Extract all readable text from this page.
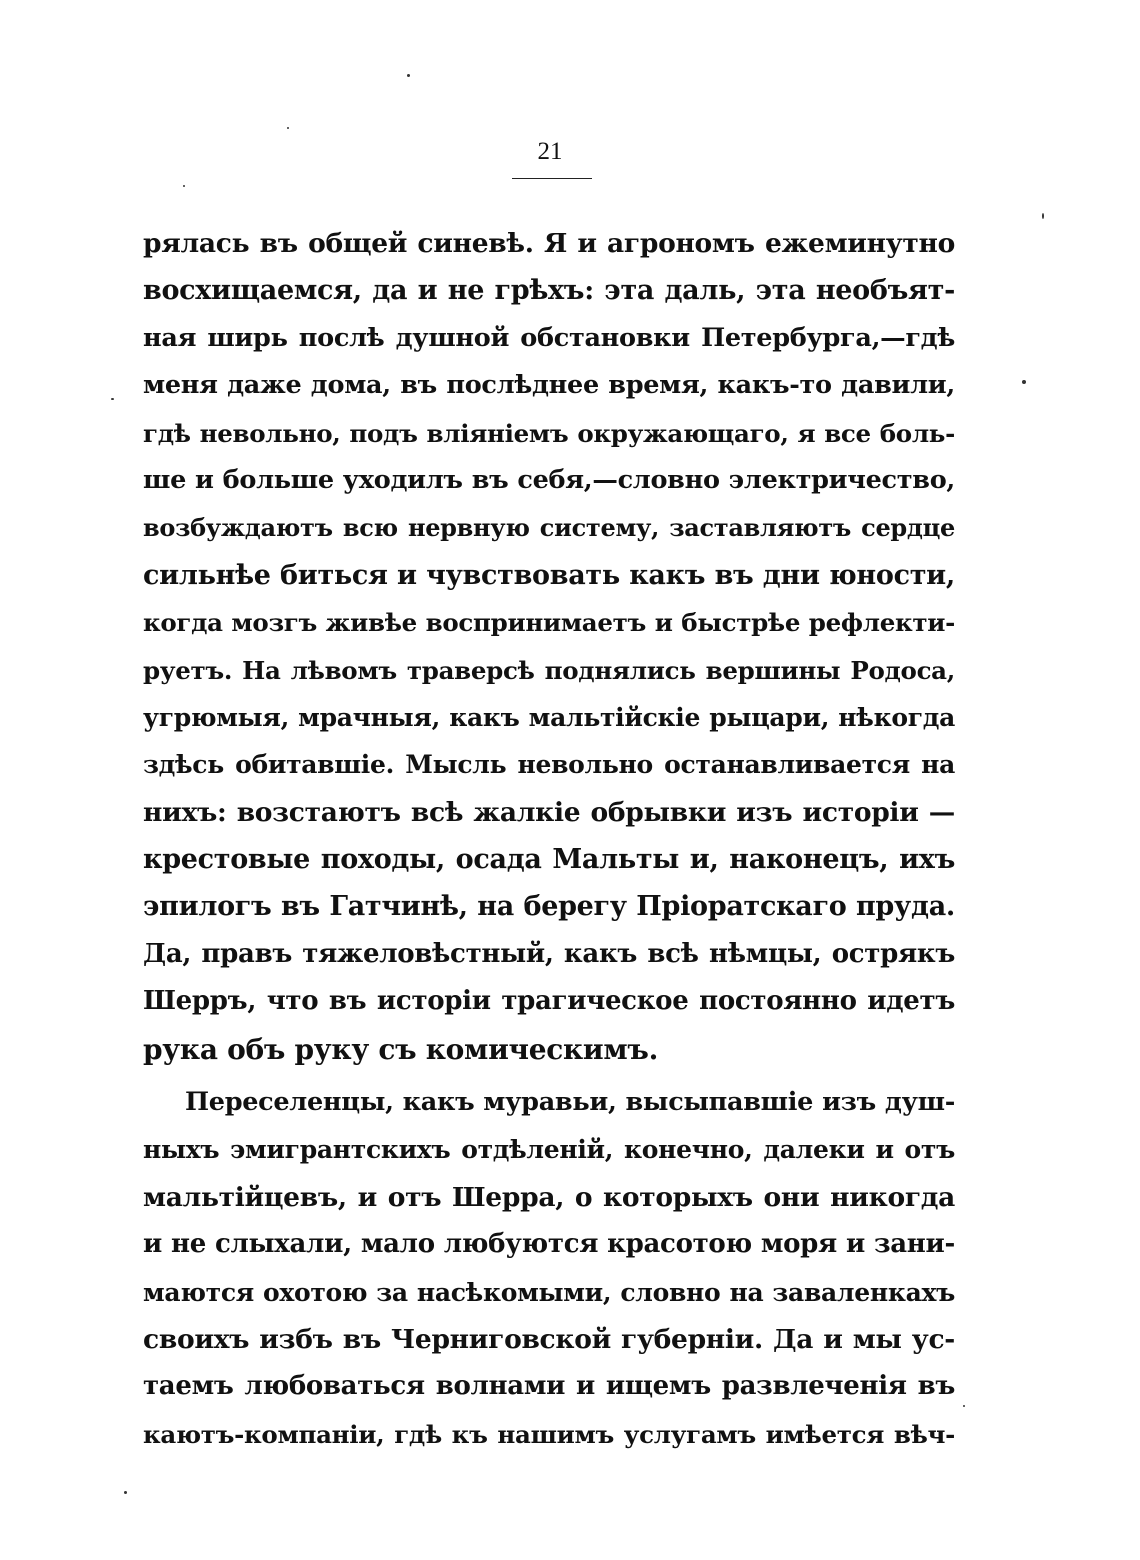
21
рялась въ общей синевѣ. Я и агрономъ ежеминутно
восхищаемся, да и не грѣхъ: эта даль, эта необъят-
ная ширь послѣ душной обстановки Петербурга,—гдѣ
меня даже дома, въ послѣднее время, какъ-то давили,
гдѣ невольно, подъ вліяніемъ окружающаго, я все боль-
ше и больше уходилъ въ себя,—словно электричество,
возбуждаютъ всю нервную систему, заставляютъ сердце
сильнѣе биться и чувствовать какъ въ дни юности,
когда мозгъ живѣе воспринимаетъ и быстрѣе рефлекти-
руетъ. На лѣвомъ траверсѣ поднялись вершины Родоса,
угрюмыя, мрачныя, какъ мальтійскіе рыцари, нѣкогда
здѣсь обитавшіе. Мысль невольно останавливается на
нихъ: возстаютъ всѣ жалкіе обрывки изъ исторіи —
крестовые походы, осада Мальты и, наконецъ, ихъ
эпилогъ въ Гатчинѣ, на берегу Пріоратскаго пруда.
Да, правъ тяжеловѣстный, какъ всѣ нѣмцы, острякъ
Шерръ, что въ исторіи трагическое постоянно идетъ
рука объ руку съ комическимъ.
Переселенцы, какъ муравьи, высыпавшіе изъ душ-
ныхъ эмигрантскихъ отдѣленій, конечно, далеки и отъ
мальтійцевъ, и отъ Шерра, о которыхъ они никогда
и не слыхали, мало любуются красотою моря и зани-
маются охотою за насѣкомыми, словно на заваленкахъ
своихъ избъ въ Черниговской губерніи. Да и мы ус-
таемъ любоваться волнами и ищемъ развлеченія въ
каютъ-компаніи, гдѣ къ нашимъ услугамъ имѣется вѣч-
